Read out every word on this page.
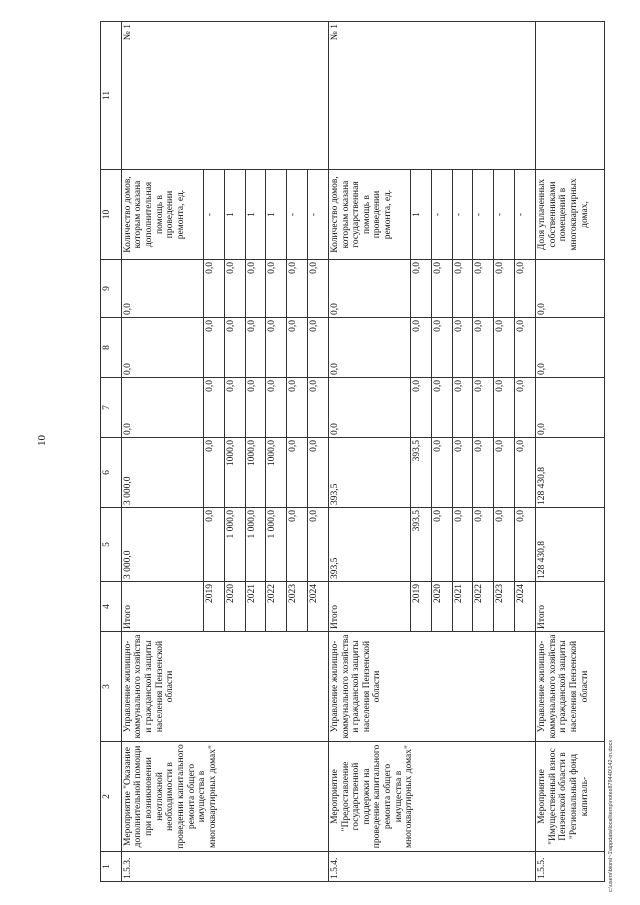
10
1	2	3	4	5	6	7	8	9	10	11
1.5.3.	Мероприятие "Оказание дополнительной помощи при возникновении неотложной необходимости в проведении капитального ремонта общего имущества в многоквартирных домах"	Управление жилищно-коммунального хозяйства и гражданской защиты населения Пензенской области	Итого	3 000,0	3 000,0	0,0	0,0	0,0	Количество домов, которым оказана дополнительная помощь в проведении ремонта, ед.	№ 1
			2019	0,0	0,0	0,0	0,0	0,0	-	
			2020	1 000,0	1000,0	0,0	0,0	0,0	1	
			2021	1 000,0	1000,0	0,0	0,0	0,0	1	
			2022	1 000,0	1000,0	0,0	0,0	0,0	1	
			2023	0,0	0,0	0,0	0,0	0,0	-	
			2024	0,0	0,0	0,0	0,0	0,0	-	
1.5.4.	Мероприятие "Предоставление государственной поддержки на проведение капитального ремонта общего имущества в многоквартирных домах"	Управление жилищно-коммунального хозяйства и гражданской защиты населения Пензенской области	Итого	393,5	393,5	0,0	0,0	0,0	Количество домов, которым оказана государственная помощь в проведении ремонта, ед.	№ 1
			2019	393,5	393,5	0,0	0,0	0,0	1	
			2020	0,0	0,0	0,0	0,0	0,0	-	
			2021	0,0	0,0	0,0	0,0	0,0	-	
			2022	0,0	0,0	0,0	0,0	0,0	-	
			2023	0,0	0,0	0,0	0,0	0,0	-	
			2024	0,0	0,0	0,0	0,0	0,0	-	
1.5.5.	Мероприятие "Имущественный взнос Пензенской области в "Региональный фонд капиталь-	Управление жилищно-коммунального хозяйства и гражданской защиты населения Пензенской области	Итого	128 430,8	128 430,8	0,0	0,0	0,0	Доля уплаченных собственниками помещений в многоквартирных домах,	
c:\users\biorel~1\appdata\local\temp\notes879440\142-m.docx
